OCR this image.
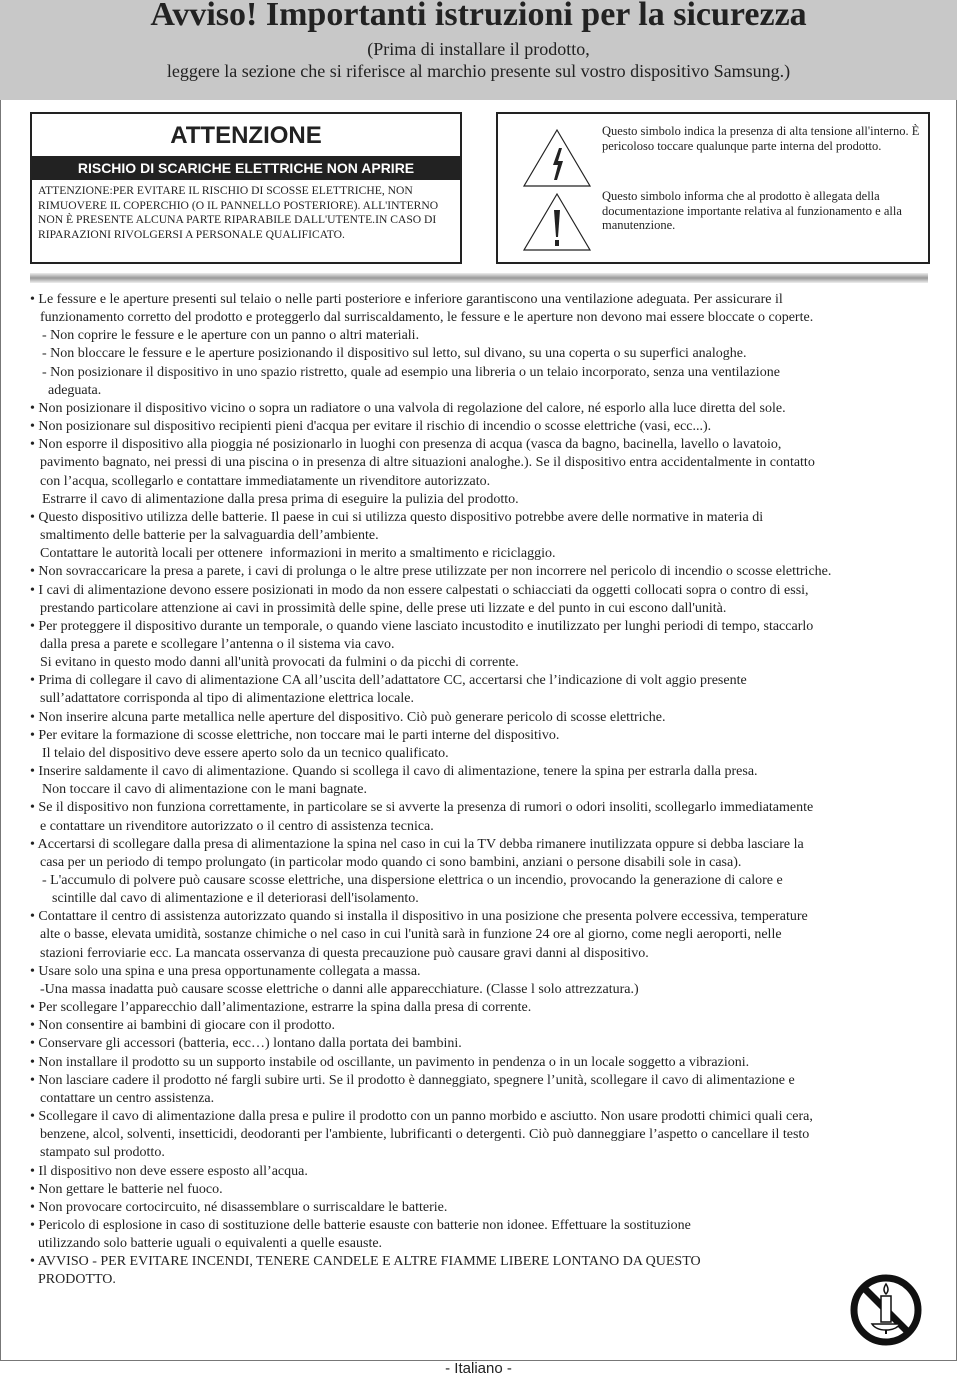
Avviso! Importanti istruzioni per la sicurezza
(Prima di installare il prodotto,
leggere la sezione che si riferisce al marchio presente sul vostro dispositivo Samsung.)
ATTENZIONE
RISCHIO DI SCARICHE ELETTRICHE NON APRIRE
ATTENZIONE:PER EVITARE IL RISCHIO DI SCOSSE ELETTRICHE, NON RIMUOVERE IL COPERCHIO (O IL PANNELLO POSTERIORE). ALL'INTERNO NON È PRESENTE ALCUNA PARTE RIPARABILE DALL'UTENTE.IN CASO DI RIPARAZIONI RIVOLGERSI A PERSONALE QUALIFICATO.
Questo simbolo indica la presenza di alta tensione all'interno. È pericoloso toccare qualunque parte interna del prodotto.
Questo simbolo informa che al prodotto è allegata della documentazione importante relativa al funzionamento e alla manutenzione.
• Le fessure e le aperture presenti sul telaio o nelle parti posteriore e inferiore garantiscono una ventilazione adeguata. Per assicurare il
funzionamento corretto del prodotto e proteggerlo dal surriscaldamento, le fessure e le aperture non devono mai essere bloccate o coperte.
- Non coprire le fessure e le aperture con un panno o altri materiali.
- Non bloccare le fessure e le aperture posizionando il dispositivo sul letto, sul divano, su una coperta o su superfici analoghe.
- Non posizionare il dispositivo in uno spazio ristretto, quale ad esempio una libreria o un telaio incorporato, senza una ventilazione
adeguata.
• Non posizionare il dispositivo vicino o sopra un radiatore o una valvola di regolazione del calore, né esporlo alla luce diretta del sole.
• Non posizionare sul dispositivo recipienti pieni d'acqua per evitare il rischio di incendio o scosse elettriche (vasi, ecc...).
• Non esporre il dispositivo alla pioggia né posizionarlo in luoghi con presenza di acqua (vasca da bagno, bacinella, lavello o lavatoio,
pavimento bagnato, nei pressi di una piscina o in presenza di altre situazioni analoghe.). Se il dispositivo entra accidentalmente in contatto
con l’acqua, scollegarlo e contattare immediatamente un rivenditore autorizzato.
Estrarre il cavo di alimentazione dalla presa prima di eseguire la pulizia del prodotto.
• Questo dispositivo utilizza delle batterie. Il paese in cui si utilizza questo dispositivo potrebbe avere delle normative in materia di
smaltimento delle batterie per la salvaguardia dell’ambiente.
Contattare le autorità locali per ottenere  informazioni in merito a smaltimento e riciclaggio.
• Non sovraccaricare la presa a parete, i cavi di prolunga o le altre prese utilizzate per non incorrere nel pericolo di incendio o scosse elettriche.
• I cavi di alimentazione devono essere posizionati in modo da non essere calpestati o schiacciati da oggetti collocati sopra o contro di essi,
prestando particolare attenzione ai cavi in prossimità delle spine, delle prese uti lizzate e del punto in cui escono dall'unità.
• Per proteggere il dispositivo durante un temporale, o quando viene lasciato incustodito e inutilizzato per lunghi periodi di tempo, staccarlo
dalla presa a parete e scollegare l’antenna o il sistema via cavo.
Si evitano in questo modo danni all'unità provocati da fulmini o da picchi di corrente.
• Prima di collegare il cavo di alimentazione CA all’uscita dell’adattatore CC, accertarsi che l’indicazione di volt aggio presente
sull’adattatore corrisponda al tipo di alimentazione elettrica locale.
• Non inserire alcuna parte metallica nelle aperture del dispositivo. Ciò può generare pericolo di scosse elettriche.
• Per evitare la formazione di scosse elettriche, non toccare mai le parti interne del dispositivo.
Il telaio del dispositivo deve essere aperto solo da un tecnico qualificato.
• Inserire saldamente il cavo di alimentazione. Quando si scollega il cavo di alimentazione, tenere la spina per estrarla dalla presa.
Non toccare il cavo di alimentazione con le mani bagnate.
• Se il dispositivo non funziona correttamente, in particolare se si avverte la presenza di rumori o odori insoliti, scollegarlo immediatamente
e contattare un rivenditore autorizzato o il centro di assistenza tecnica.
• Accertarsi di scollegare dalla presa di alimentazione la spina nel caso in cui la TV debba rimanere inutilizzata oppure si debba lasciare la
casa per un periodo di tempo prolungato (in particolar modo quando ci sono bambini, anziani o persone disabili sole in casa).
- L'accumulo di polvere può causare scosse elettriche, una dispersione elettrica o un incendio, provocando la generazione di calore e
scintille dal cavo di alimentazione e il deteriorasi dell'isolamento.
• Contattare il centro di assistenza autorizzato quando si installa il dispositivo in una posizione che presenta polvere eccessiva, temperature
alte o basse, elevata umidità, sostanze chimiche o nel caso in cui l'unità sarà in funzione 24 ore al giorno, come negli aeroporti, nelle
stazioni ferroviarie ecc. La mancata osservanza di questa precauzione può causare gravi danni al dispositivo.
• Usare solo una spina e una presa opportunamente collegata a massa.
-Una massa inadatta può causare scosse elettriche o danni alle apparecchiature. (Classe l solo attrezzatura.)
• Per scollegare l’apparecchio dall’alimentazione, estrarre la spina dalla presa di corrente.
• Non consentire ai bambini di giocare con il prodotto.
• Conservare gli accessori (batteria, ecc…) lontano dalla portata dei bambini.
• Non installare il prodotto su un supporto instabile od oscillante, un pavimento in pendenza o in un locale soggetto a vibrazioni.
• Non lasciare cadere il prodotto né fargli subire urti. Se il prodotto è danneggiato, spegnere l’unità, scollegare il cavo di alimentazione e
contattare un centro assistenza.
• Scollegare il cavo di alimentazione dalla presa e pulire il prodotto con un panno morbido e asciutto. Non usare prodotti chimici quali cera,
benzene, alcol, solventi, insetticidi, deodoranti per l'ambiente, lubrificanti o detergenti. Ciò può danneggiare l’aspetto o cancellare il testo
stampato sul prodotto.
• Il dispositivo non deve essere esposto all’acqua.
• Non gettare le batterie nel fuoco.
• Non provocare cortocircuito, né disassemblare o surriscaldare le batterie.
• Pericolo di esplosione in caso di sostituzione delle batterie esauste con batterie non idonee. Effettuare la sostituzione
utilizzando solo batterie uguali o equivalenti a quelle esauste.
• AVVISO - PER EVITARE INCENDI, TENERE CANDELE E ALTRE FIAMME LIBERE LONTANO DA QUESTO
PRODOTTO.
- Italiano -
